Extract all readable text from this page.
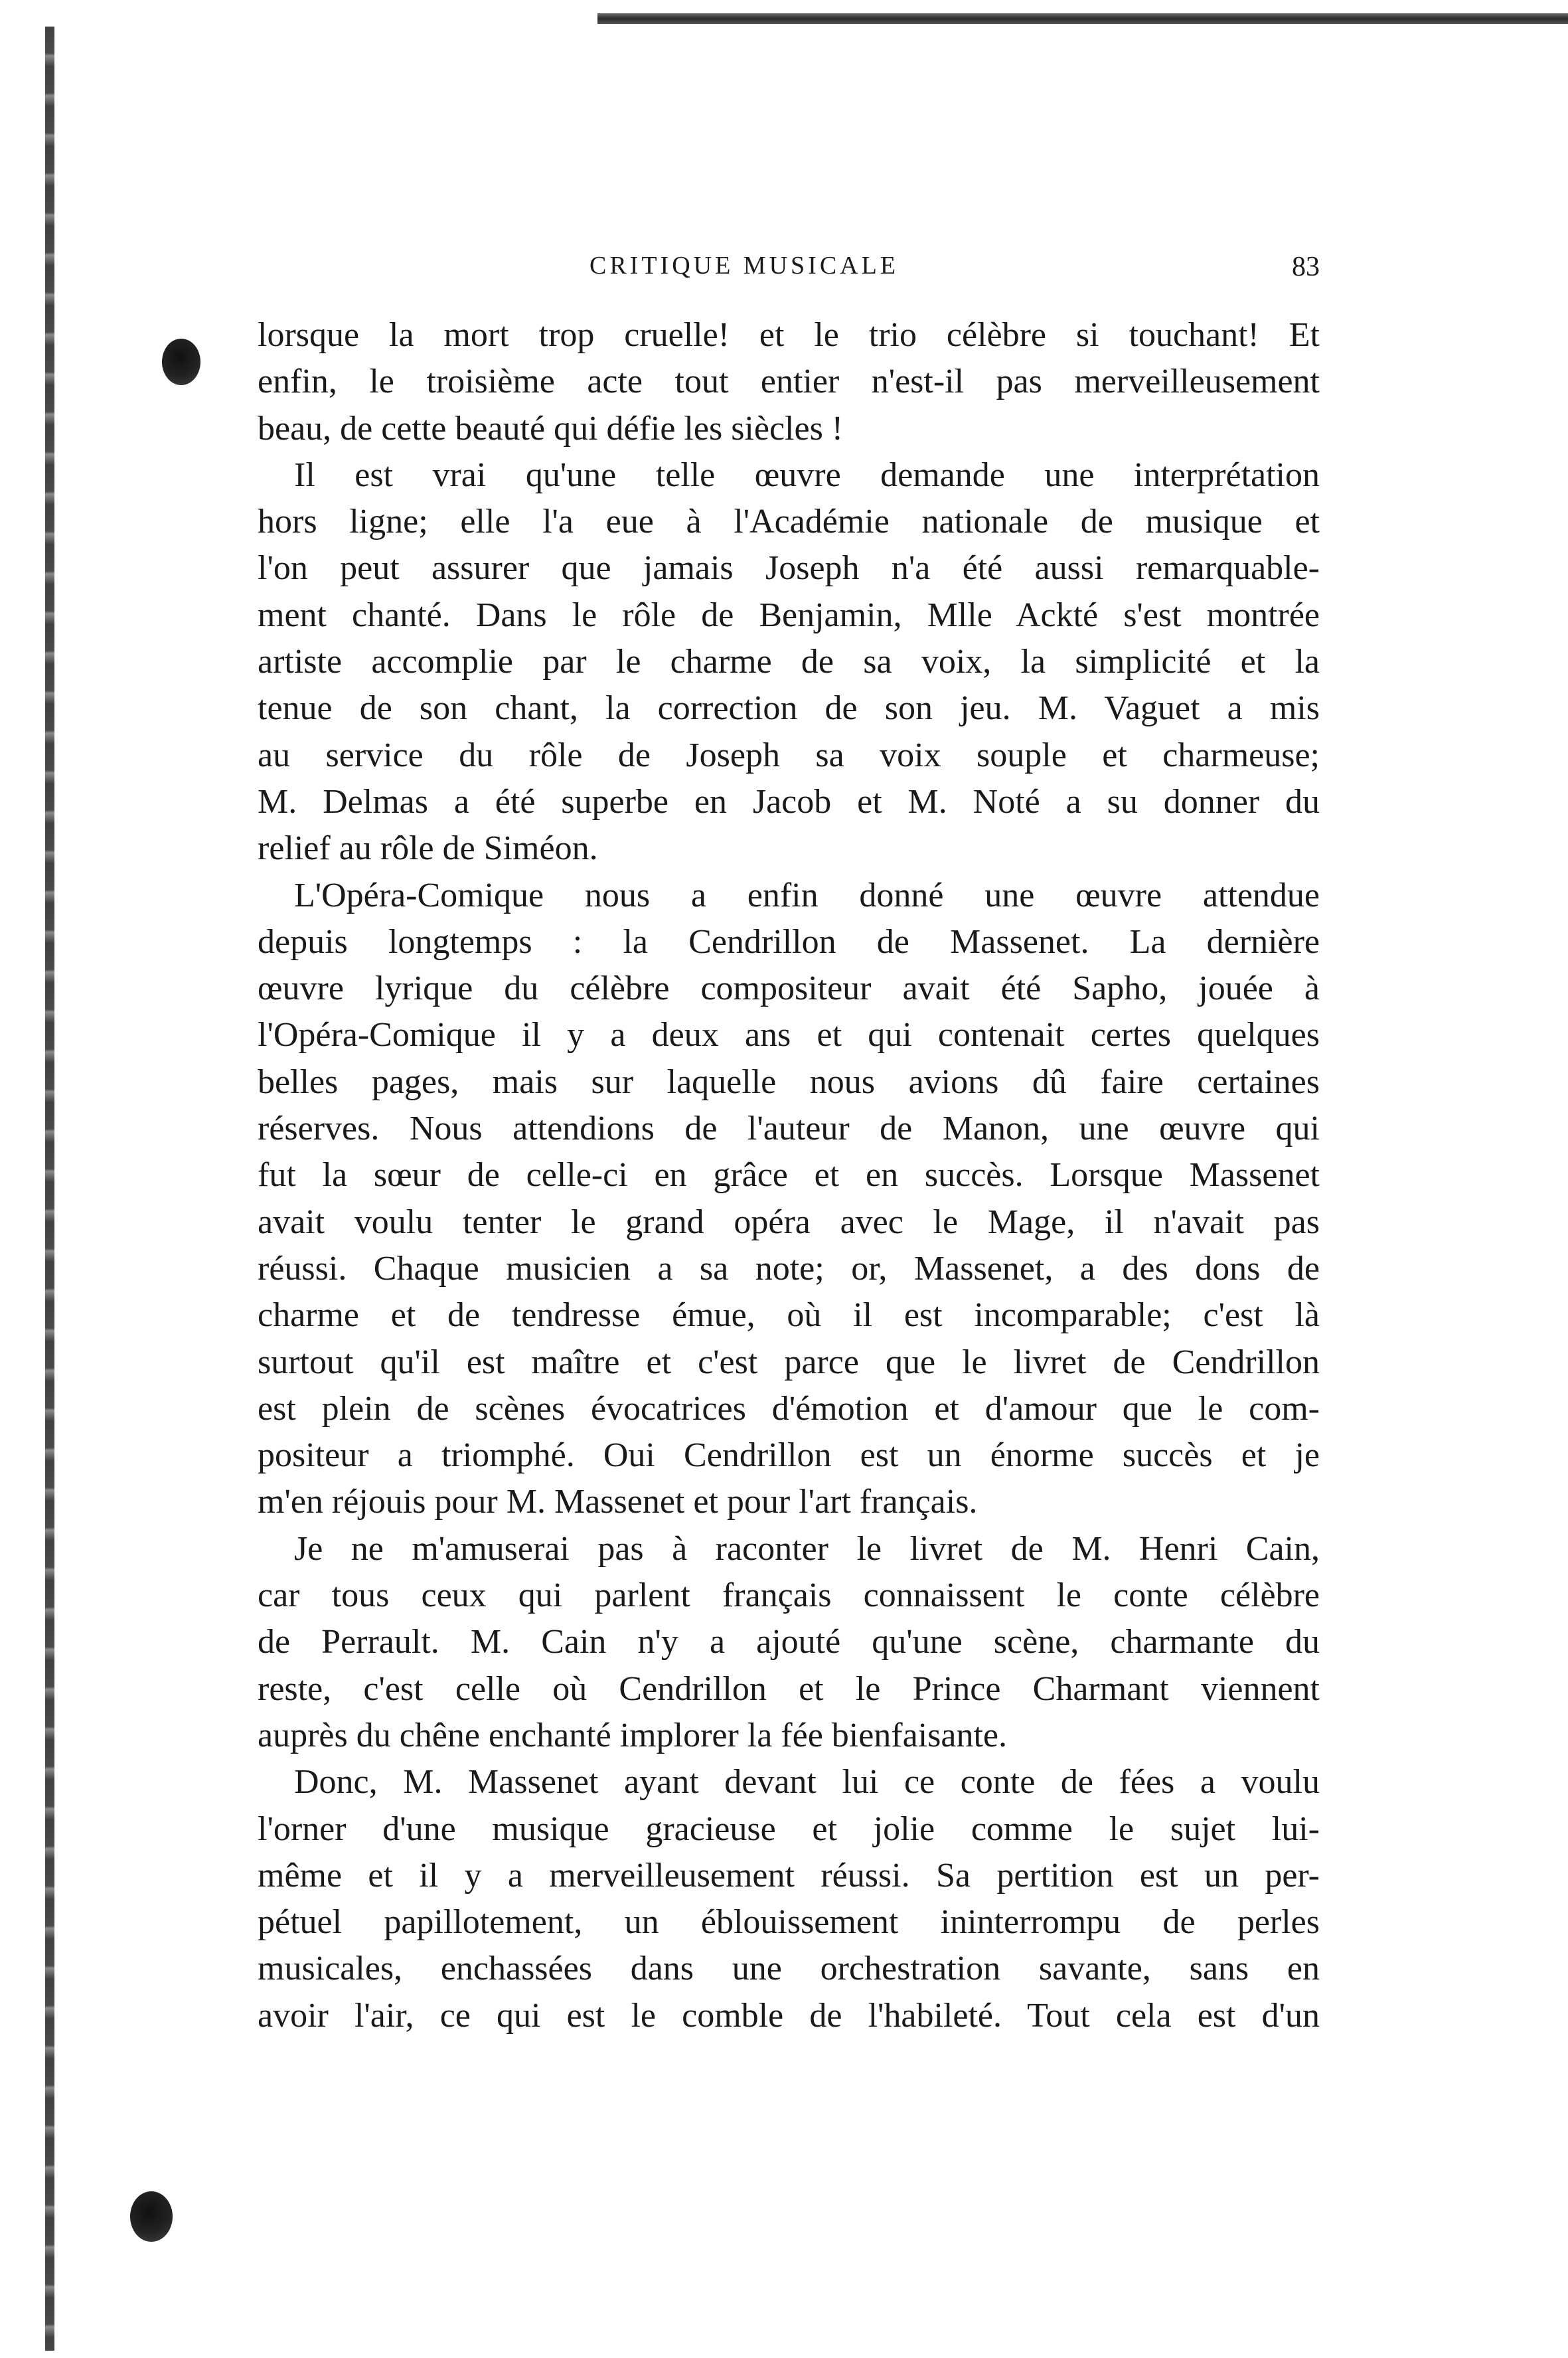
CRITIQUE MUSICALE	83

lorsque la mort trop cruelle! et le trio célèbre si touchant! Et

enfin, le troisième acte tout entier n'est-il pas merveilleusement

beau, de cette beauté qui défie les siècles !

Il est vrai qu'une telle œuvre demande une interprétation

hors ligne; elle l'a eue à l'Académie nationale de musique et

l'on peut assurer que jamais Joseph n'a été aussi remarquable-

ment chanté. Dans le rôle de Benjamin, Mlle Ackté s'est montrée

artiste accomplie par le charme de sa voix, la simplicité et la

tenue de son chant, la correction de son jeu. M. Vaguet a mis

au service du rôle de Joseph sa voix souple et charmeuse;

M. Delmas a été superbe en Jacob et M. Noté a su donner du

relief au rôle de Siméon.

L'Opéra-Comique nous a enfin donné une œuvre attendue

depuis longtemps : la Cendrillon de Massenet. La dernière

œuvre lyrique du célèbre compositeur avait été Sapho, jouée à

l'Opéra-Comique il y a deux ans et qui contenait certes quelques

belles pages, mais sur laquelle nous avions dû faire certaines

réserves. Nous attendions de l'auteur de Manon, une œuvre qui

fut la sœur de celle-ci en grâce et en succès. Lorsque Massenet

avait voulu tenter le grand opéra avec le Mage, il n'avait pas

réussi. Chaque musicien a sa note; or, Massenet, a des dons de

charme et de tendresse émue, où il est incomparable; c'est là

surtout qu'il est maître et c'est parce que le livret de Cendrillon

est plein de scènes évocatrices d'émotion et d'amour que le com-

positeur a triomphé. Oui Cendrillon est un énorme succès et je

m'en réjouis pour M. Massenet et pour l'art français.

Je ne m'amuserai pas à raconter le livret de M. Henri Cain,

car tous ceux qui parlent français connaissent le conte célèbre

de Perrault. M. Cain n'y a ajouté qu'une scène, charmante du

reste, c'est celle où Cendrillon et le Prince Charmant viennent

auprès du chêne enchanté implorer la fée bienfaisante.

Donc, M. Massenet ayant devant lui ce conte de fées a voulu

l'orner d'une musique gracieuse et jolie comme le sujet lui-

même et il y a merveilleusement réussi. Sa pertition est un per-

pétuel papillotement, un éblouissement ininterrompu de perles

musicales, enchassées dans une orchestration savante, sans en

avoir l'air, ce qui est le comble de l'habileté. Tout cela est d'un
